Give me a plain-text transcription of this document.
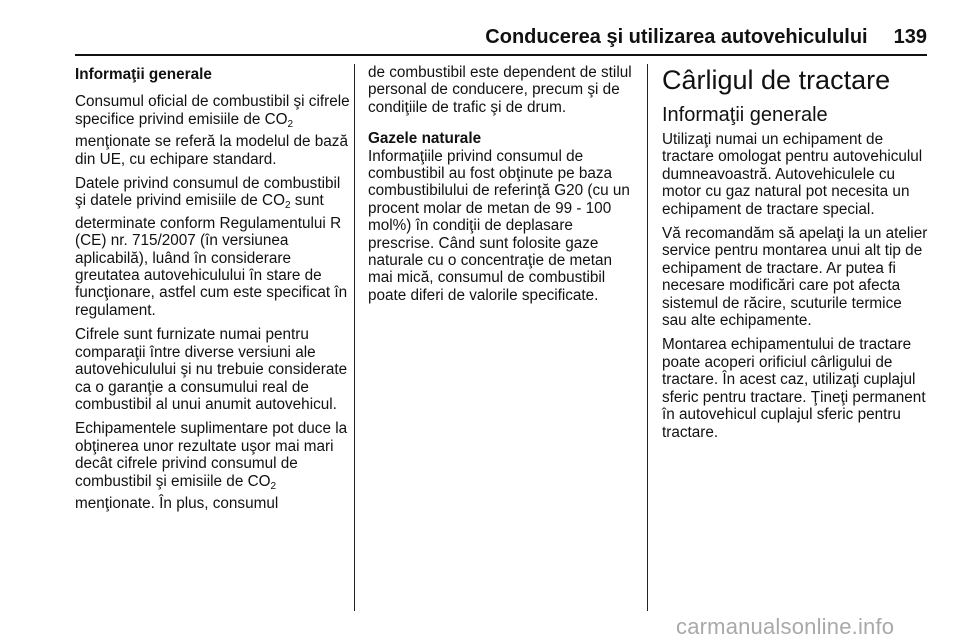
Conducerea şi utilizarea autovehiculului 139
Informaţii generale

Consumul oficial de combustibil şi cifrele specifice privind emisiile de $CO_2$ menţionate se referă la modelul de bază din UE, cu echipare standard.

Datele privind consumul de combustibil şi datele privind emisiile de $CO_2$ sunt determinate conform Regulamentului R (CE) nr. 715/2007 (în versiunea aplicabilă), luând în considerare greutatea autovehiculului în stare de funcţionare, astfel cum este specificat în regulament.

Cifrele sunt furnizate numai pentru comparaţii între diverse versiuni ale autovehiculului şi nu trebuie considerate ca o garanţie a consumului real de combustibil al unui anumit autovehicul.

Echipamentele suplimentare pot duce la obţinerea unor rezultate uşor mai mari decât cifrele privind consumul de combustibil şi emisiile de $CO_2$ menţionate. În plus, consumul

de combustibil este dependent de stilul personal de conducere, precum şi de condiţiile de trafic şi de drum.

Gazele naturale

Informaţiile privind consumul de combustibil au fost obţinute pe baza combustibilului de referinţă G20 (cu un procent molar de metan de 99 - 100 mol%) în condiţii de deplasare prescrise. Când sunt folosite gaze naturale cu o concentraţie de metan mai mică, consumul de combustibil poate diferi de valorile specificate.

Cârligul de tractare
Informaţii generale

Utilizaţi numai un echipament de tractare omologat pentru autovehiculul dumneavoastră. Autovehiculele cu motor cu gaz natural pot necesita un echipament de tractare special.

Vă recomandăm să apelaţi la un atelier service pentru montarea unui alt tip de echipament de tractare. Ar putea fi necesare modificări care pot afecta sistemul de răcire, scuturile termice sau alte echipamente.

Montarea echipamentului de tractare poate acoperi orificiul cârligului de tractare. În acest caz, utilizaţi cuplajul sferic pentru tractare. Ţineţi permanent în autovehicul cuplajul sferic pentru tractare.

carmanualsonline.info
